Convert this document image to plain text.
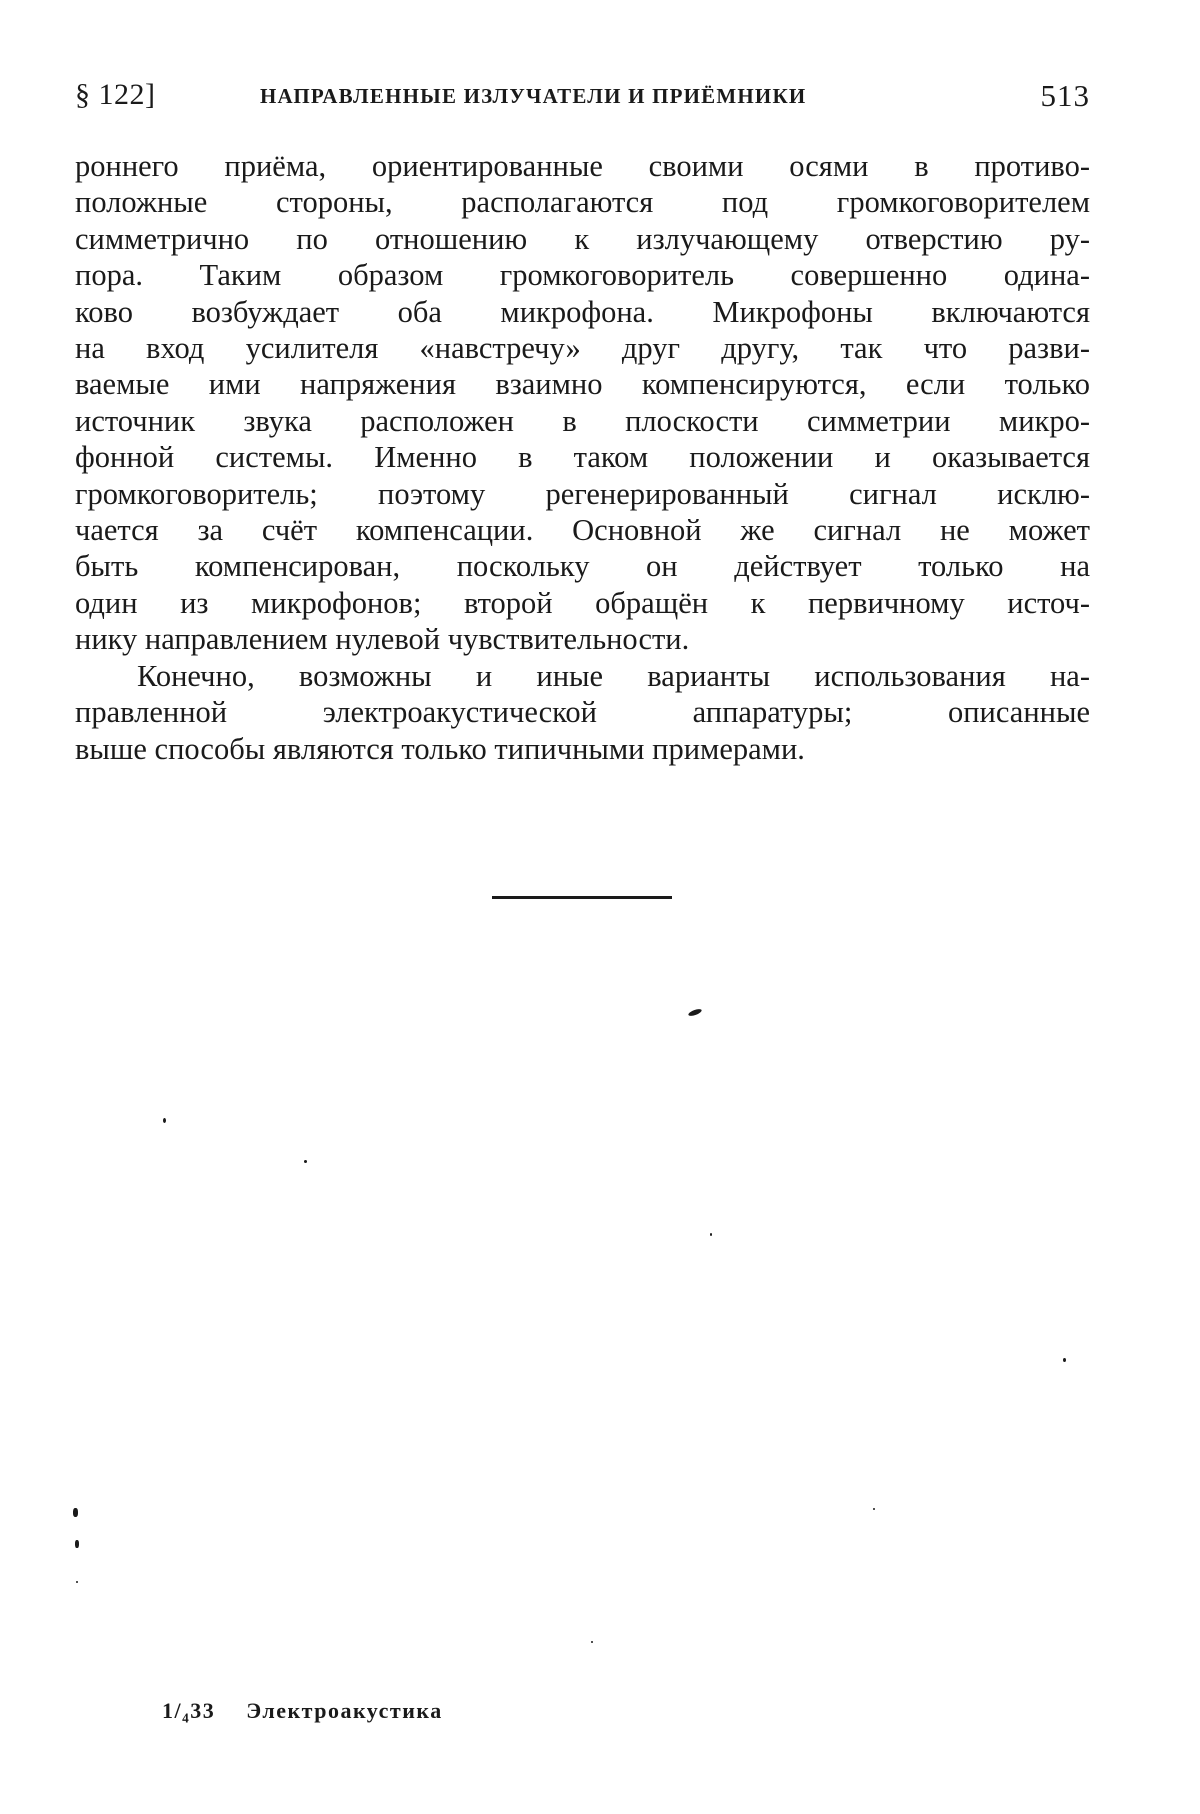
§ 122]	НАПРАВЛЕННЫЕ ИЗЛУЧАТЕЛИ И ПРИЁМНИКИ	513

роннего приёма, ориентированные своими осями в противо-
положные стороны, располагаются под громкоговорителем
симметрично по отношению к излучающему отверстию ру-
пора. Таким образом громкоговоритель совершенно одина-
ково возбуждает оба микрофона. Микрофоны включаются
на вход усилителя «навстречу» друг другу, так что разви-
ваемые ими напряжения взаимно компенсируются, если только
источник звука расположен в плоскости симметрии микро-
фонной системы. Именно в таком положении и оказывается
громкоговоритель; поэтому регенерированный сигнал исклю-
чается за счёт компенсации. Основной же сигнал не может
быть компенсирован, поскольку он действует только на
один из микрофонов; второй обращён к первичному источ-
нику направлением нулевой чувствительности.

Конечно, возможны и иные варианты использования на-
правленной электроакустической аппаратуры; описанные
выше способы являются только типичными примерами.

1/₄33 Электроакустика
